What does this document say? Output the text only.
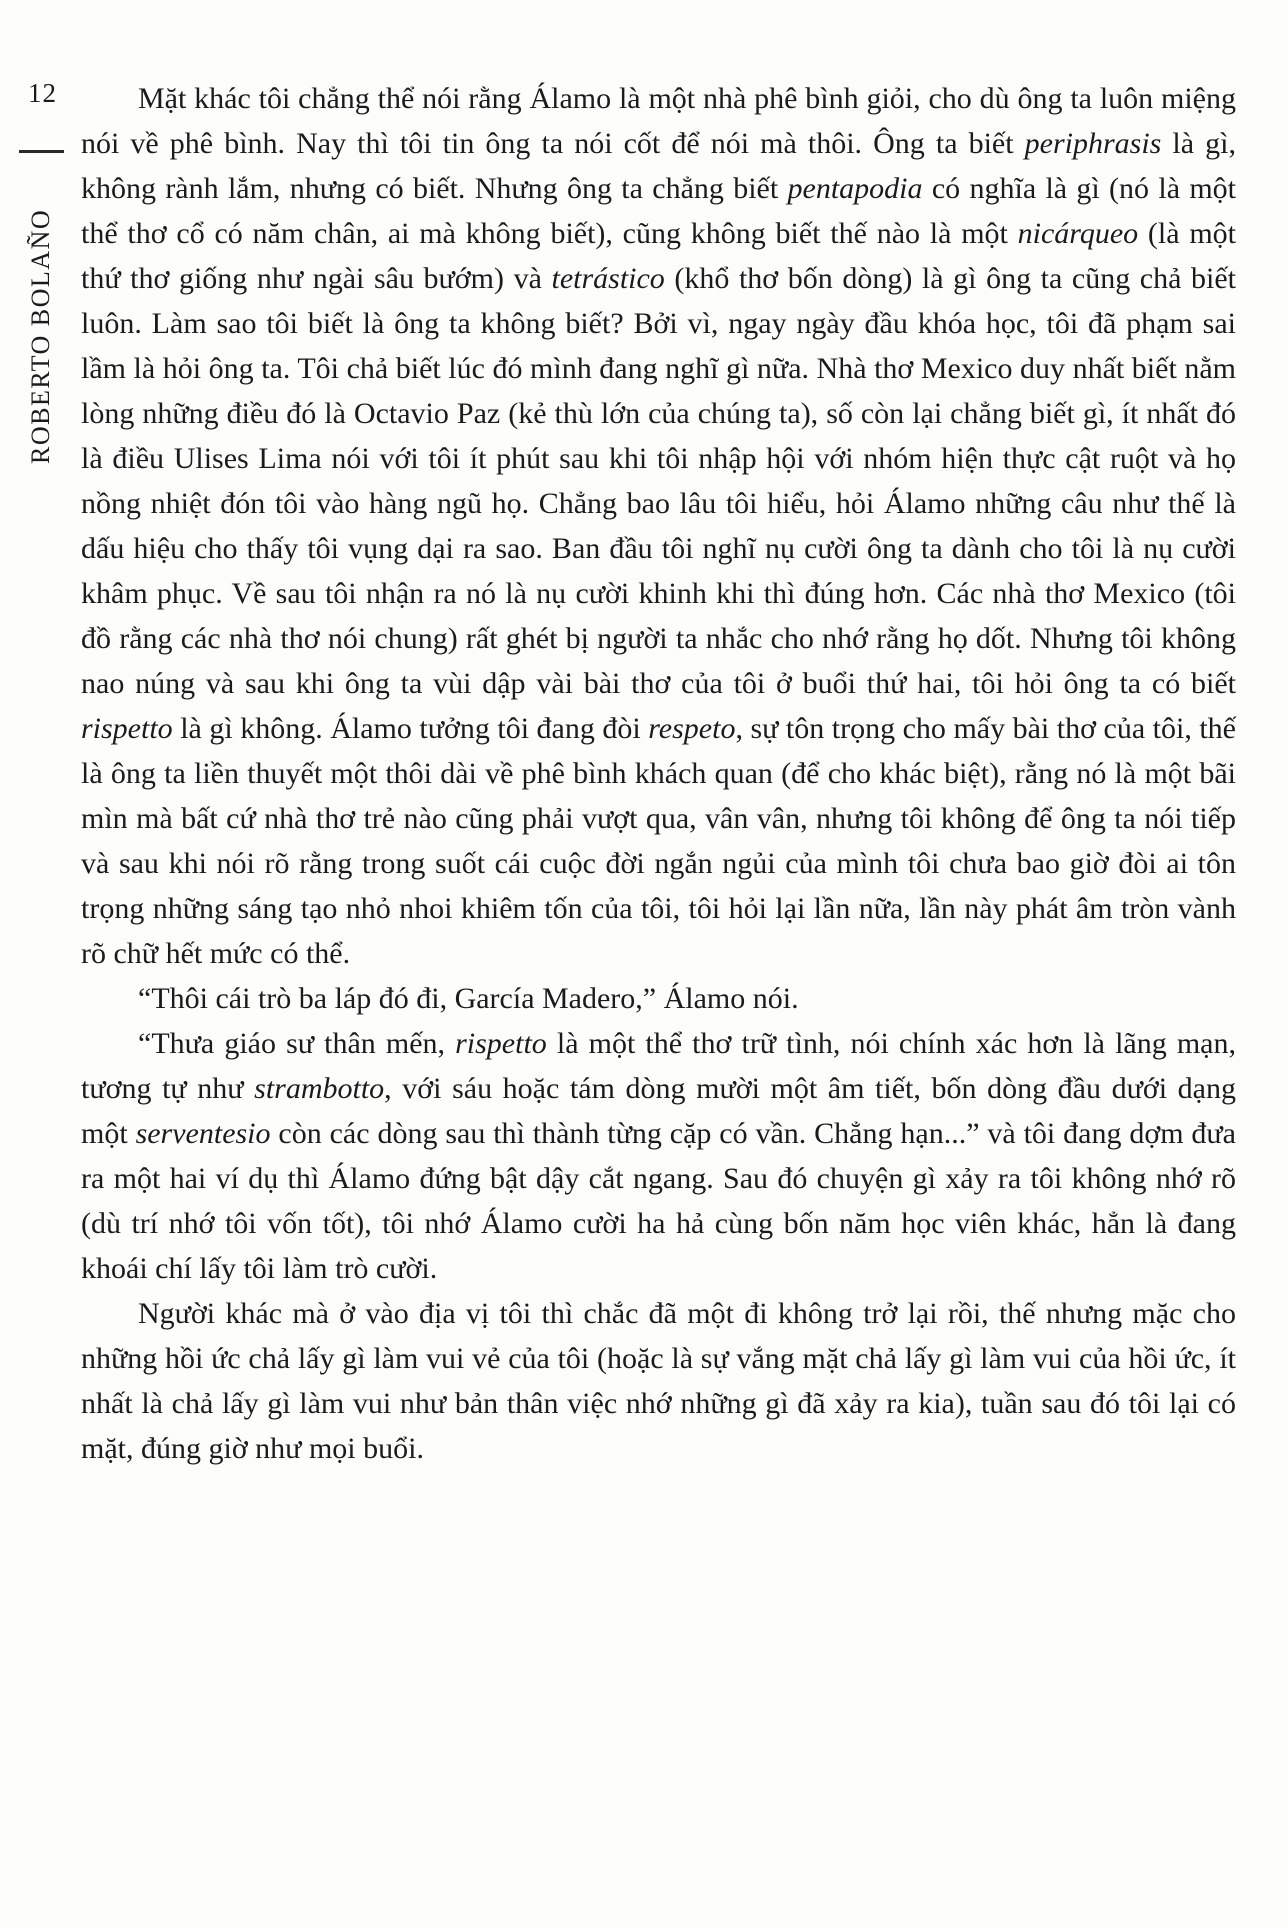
12
ROBERTO BOLAÑO

Mặt khác tôi chẳng thể nói rằng Álamo là một nhà phê bình giỏi, cho dù ông ta luôn miệng nói về phê bình. Nay thì tôi tin ông ta nói cốt để nói mà thôi. Ông ta biết periphrasis là gì, không rành lắm, nhưng có biết. Nhưng ông ta chẳng biết pentapodia có nghĩa là gì (nó là một thể thơ cổ có năm chân, ai mà không biết), cũng không biết thế nào là một nicárqueo (là một thứ thơ giống như ngài sâu bướm) và tetrástico (khổ thơ bốn dòng) là gì ông ta cũng chả biết luôn. Làm sao tôi biết là ông ta không biết? Bởi vì, ngay ngày đầu khóa học, tôi đã phạm sai lầm là hỏi ông ta. Tôi chả biết lúc đó mình đang nghĩ gì nữa. Nhà thơ Mexico duy nhất biết nằm lòng những điều đó là Octavio Paz (kẻ thù lớn của chúng ta), số còn lại chẳng biết gì, ít nhất đó là điều Ulises Lima nói với tôi ít phút sau khi tôi nhập hội với nhóm hiện thực cật ruột và họ nồng nhiệt đón tôi vào hàng ngũ họ. Chẳng bao lâu tôi hiểu, hỏi Álamo những câu như thế là dấu hiệu cho thấy tôi vụng dại ra sao. Ban đầu tôi nghĩ nụ cười ông ta dành cho tôi là nụ cười khâm phục. Về sau tôi nhận ra nó là nụ cười khinh khi thì đúng hơn. Các nhà thơ Mexico (tôi đồ rằng các nhà thơ nói chung) rất ghét bị người ta nhắc cho nhớ rằng họ dốt. Nhưng tôi không nao núng và sau khi ông ta vùi dập vài bài thơ của tôi ở buổi thứ hai, tôi hỏi ông ta có biết rispetto là gì không. Álamo tưởng tôi đang đòi respeto, sự tôn trọng cho mấy bài thơ của tôi, thế là ông ta liền thuyết một thôi dài về phê bình khách quan (để cho khác biệt), rằng nó là một bãi mìn mà bất cứ nhà thơ trẻ nào cũng phải vượt qua, vân vân, nhưng tôi không để ông ta nói tiếp và sau khi nói rõ rằng trong suốt cái cuộc đời ngắn ngủi của mình tôi chưa bao giờ đòi ai tôn trọng những sáng tạo nhỏ nhoi khiêm tốn của tôi, tôi hỏi lại lần nữa, lần này phát âm tròn vành rõ chữ hết mức có thể.

“Thôi cái trò ba láp đó đi, García Madero,” Álamo nói.

“Thưa giáo sư thân mến, rispetto là một thể thơ trữ tình, nói chính xác hơn là lãng mạn, tương tự như strambotto, với sáu hoặc tám dòng mười một âm tiết, bốn dòng đầu dưới dạng một serventesio còn các dòng sau thì thành từng cặp có vần. Chẳng hạn...” và tôi đang dợm đưa ra một hai ví dụ thì Álamo đứng bật dậy cắt ngang. Sau đó chuyện gì xảy ra tôi không nhớ rõ (dù trí nhớ tôi vốn tốt), tôi nhớ Álamo cười ha hả cùng bốn năm học viên khác, hẳn là đang khoái chí lấy tôi làm trò cười.

Người khác mà ở vào địa vị tôi thì chắc đã một đi không trở lại rồi, thế nhưng mặc cho những hồi ức chả lấy gì làm vui vẻ của tôi (hoặc là sự vắng mặt chả lấy gì làm vui của hồi ức, ít nhất là chả lấy gì làm vui như bản thân việc nhớ những gì đã xảy ra kia), tuần sau đó tôi lại có mặt, đúng giờ như mọi buổi.
